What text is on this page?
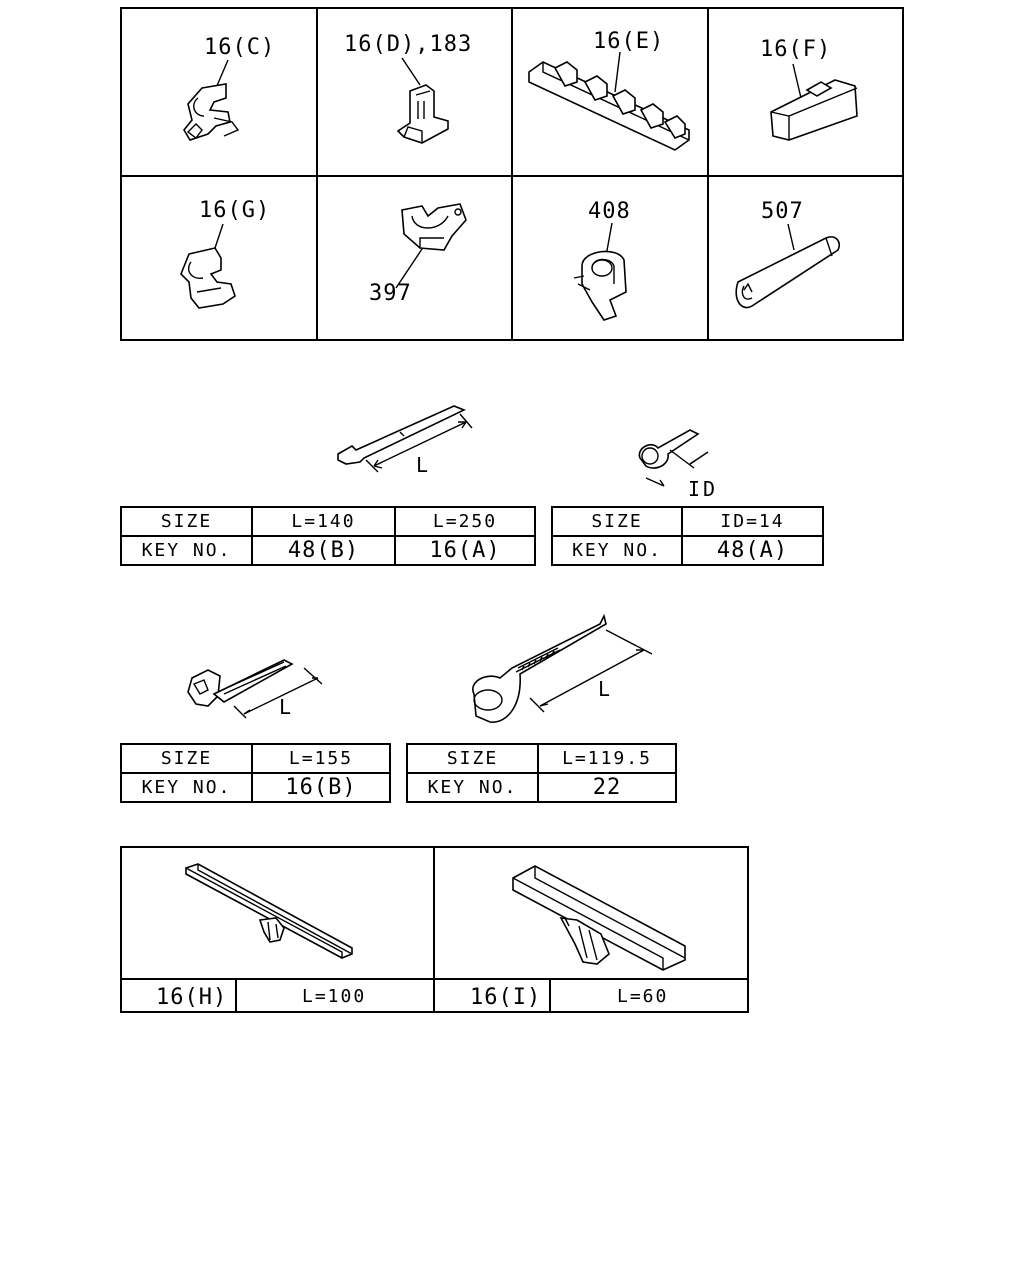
16(C)	16(D),183	16(E)	16(F)
16(G)
397
408	507
L
ID
SIZE	L=140	L=250
KEY NO.	48(B)	16(A)
SIZE	ID=14
KEY NO.	48(A)
L
L
SIZE	L=155
KEY NO.	16(B)
SIZE	L=119.5
KEY NO.	22
16(H)	L=100	16(I)	L=60
